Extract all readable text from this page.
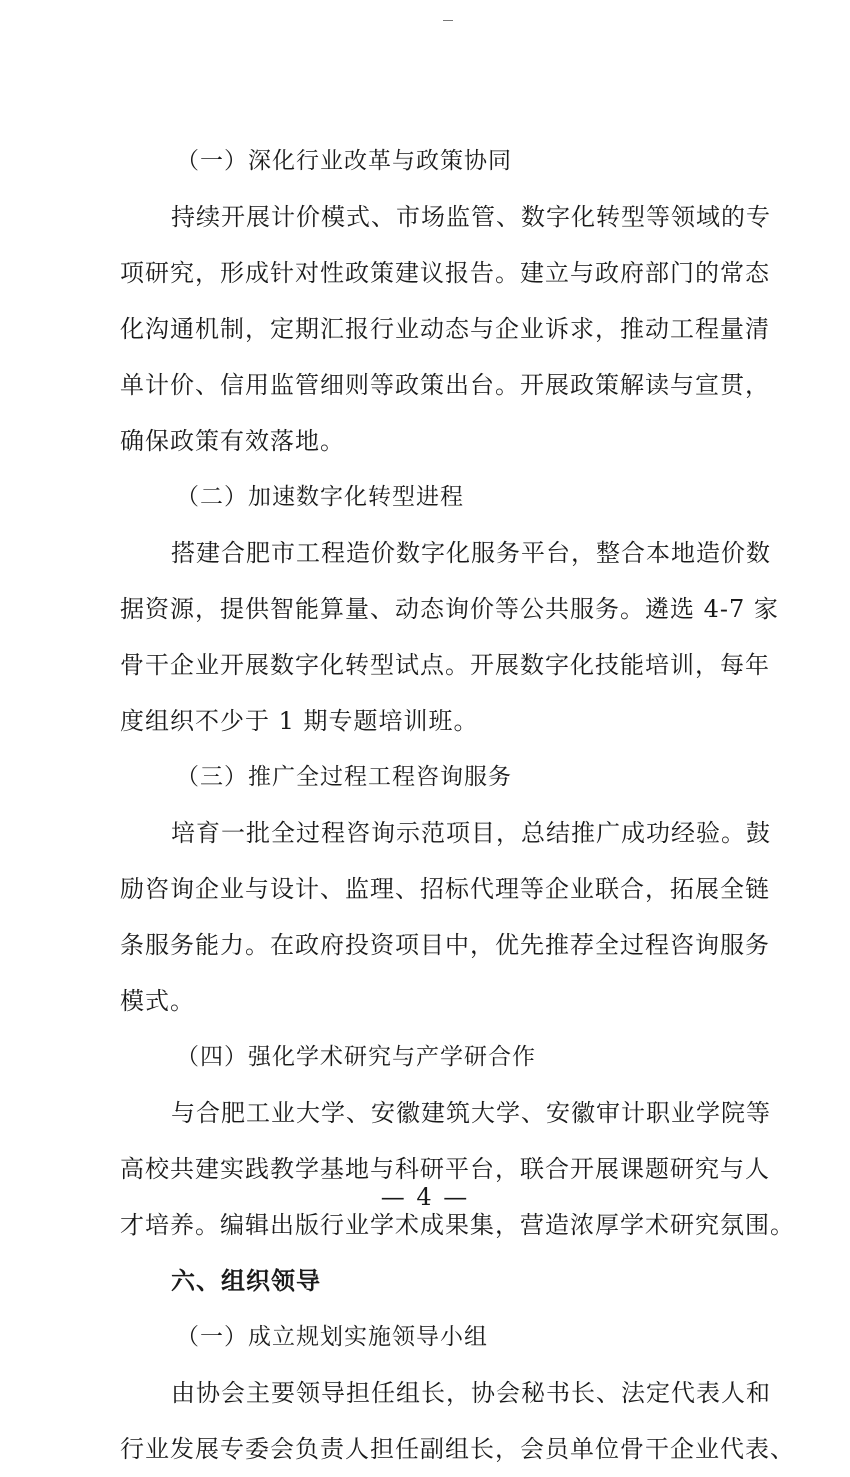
（一）深化行业改革与政策协同
持续开展计价模式、市场监管、数字化转型等领域的专
项研究，形成针对性政策建议报告。建立与政府部门的常态
化沟通机制，定期汇报行业动态与企业诉求，推动工程量清
单计价、信用监管细则等政策出台。开展政策解读与宣贯，
确保政策有效落地。
（二）加速数字化转型进程
搭建合肥市工程造价数字化服务平台，整合本地造价数
据资源，提供智能算量、动态询价等公共服务。遴选 4-7 家
骨干企业开展数字化转型试点。开展数字化技能培训，每年
度组织不少于 1 期专题培训班。
（三）推广全过程工程咨询服务
培育一批全过程咨询示范项目，总结推广成功经验。鼓
励咨询企业与设计、监理、招标代理等企业联合，拓展全链
条服务能力。在政府投资项目中，优先推荐全过程咨询服务
模式。
（四）强化学术研究与产学研合作
与合肥工业大学、安徽建筑大学、安徽审计职业学院等
高校共建实践教学基地与科研平台，联合开展课题研究与人
才培养。编辑出版行业学术成果集，营造浓厚学术研究氛围。
六、组织领导
（一）成立规划实施领导小组
由协会主要领导担任组长，协会秘书长、法定代表人和
行业发展专委会负责人担任副组长，会员单位骨干企业代表、
— 4 —
